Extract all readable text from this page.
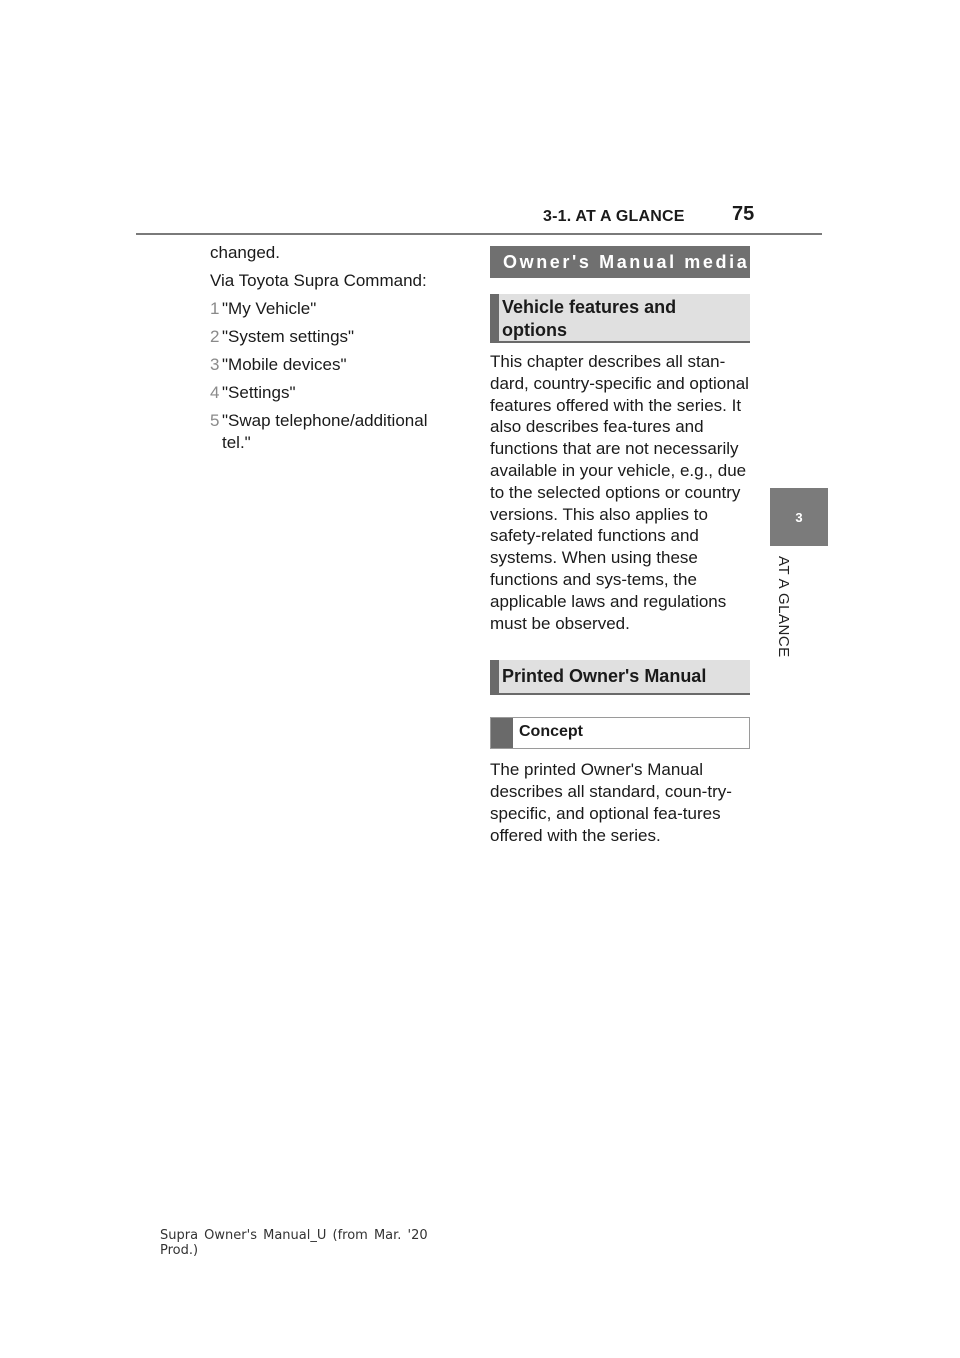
3-1. AT A GLANCE 75
3
AT A GLANCE

changed.

Via Toyota Supra Command:

1 "My Vehicle"
2 "System settings"
3 "Mobile devices"
4 "Settings"
5 "Swap telephone/additional tel."
Owner's Manual media
Vehicle features and options

This chapter describes all stan-dard, country-specific and optional features offered with the series. It also describes fea-tures and functions that are not necessarily available in your vehicle, e.g., due to the selected options or country versions. This also applies to safety-related functions and systems. When using these functions and sys-tems, the applicable laws and regulations must be observed.

Printed Owner's Manual
Concept

The printed Owner's Manual describes all standard, coun-try-specific, and optional fea-tures offered with the series.

Supra Owner's Manual_U (from Mar. '20 Prod.)
